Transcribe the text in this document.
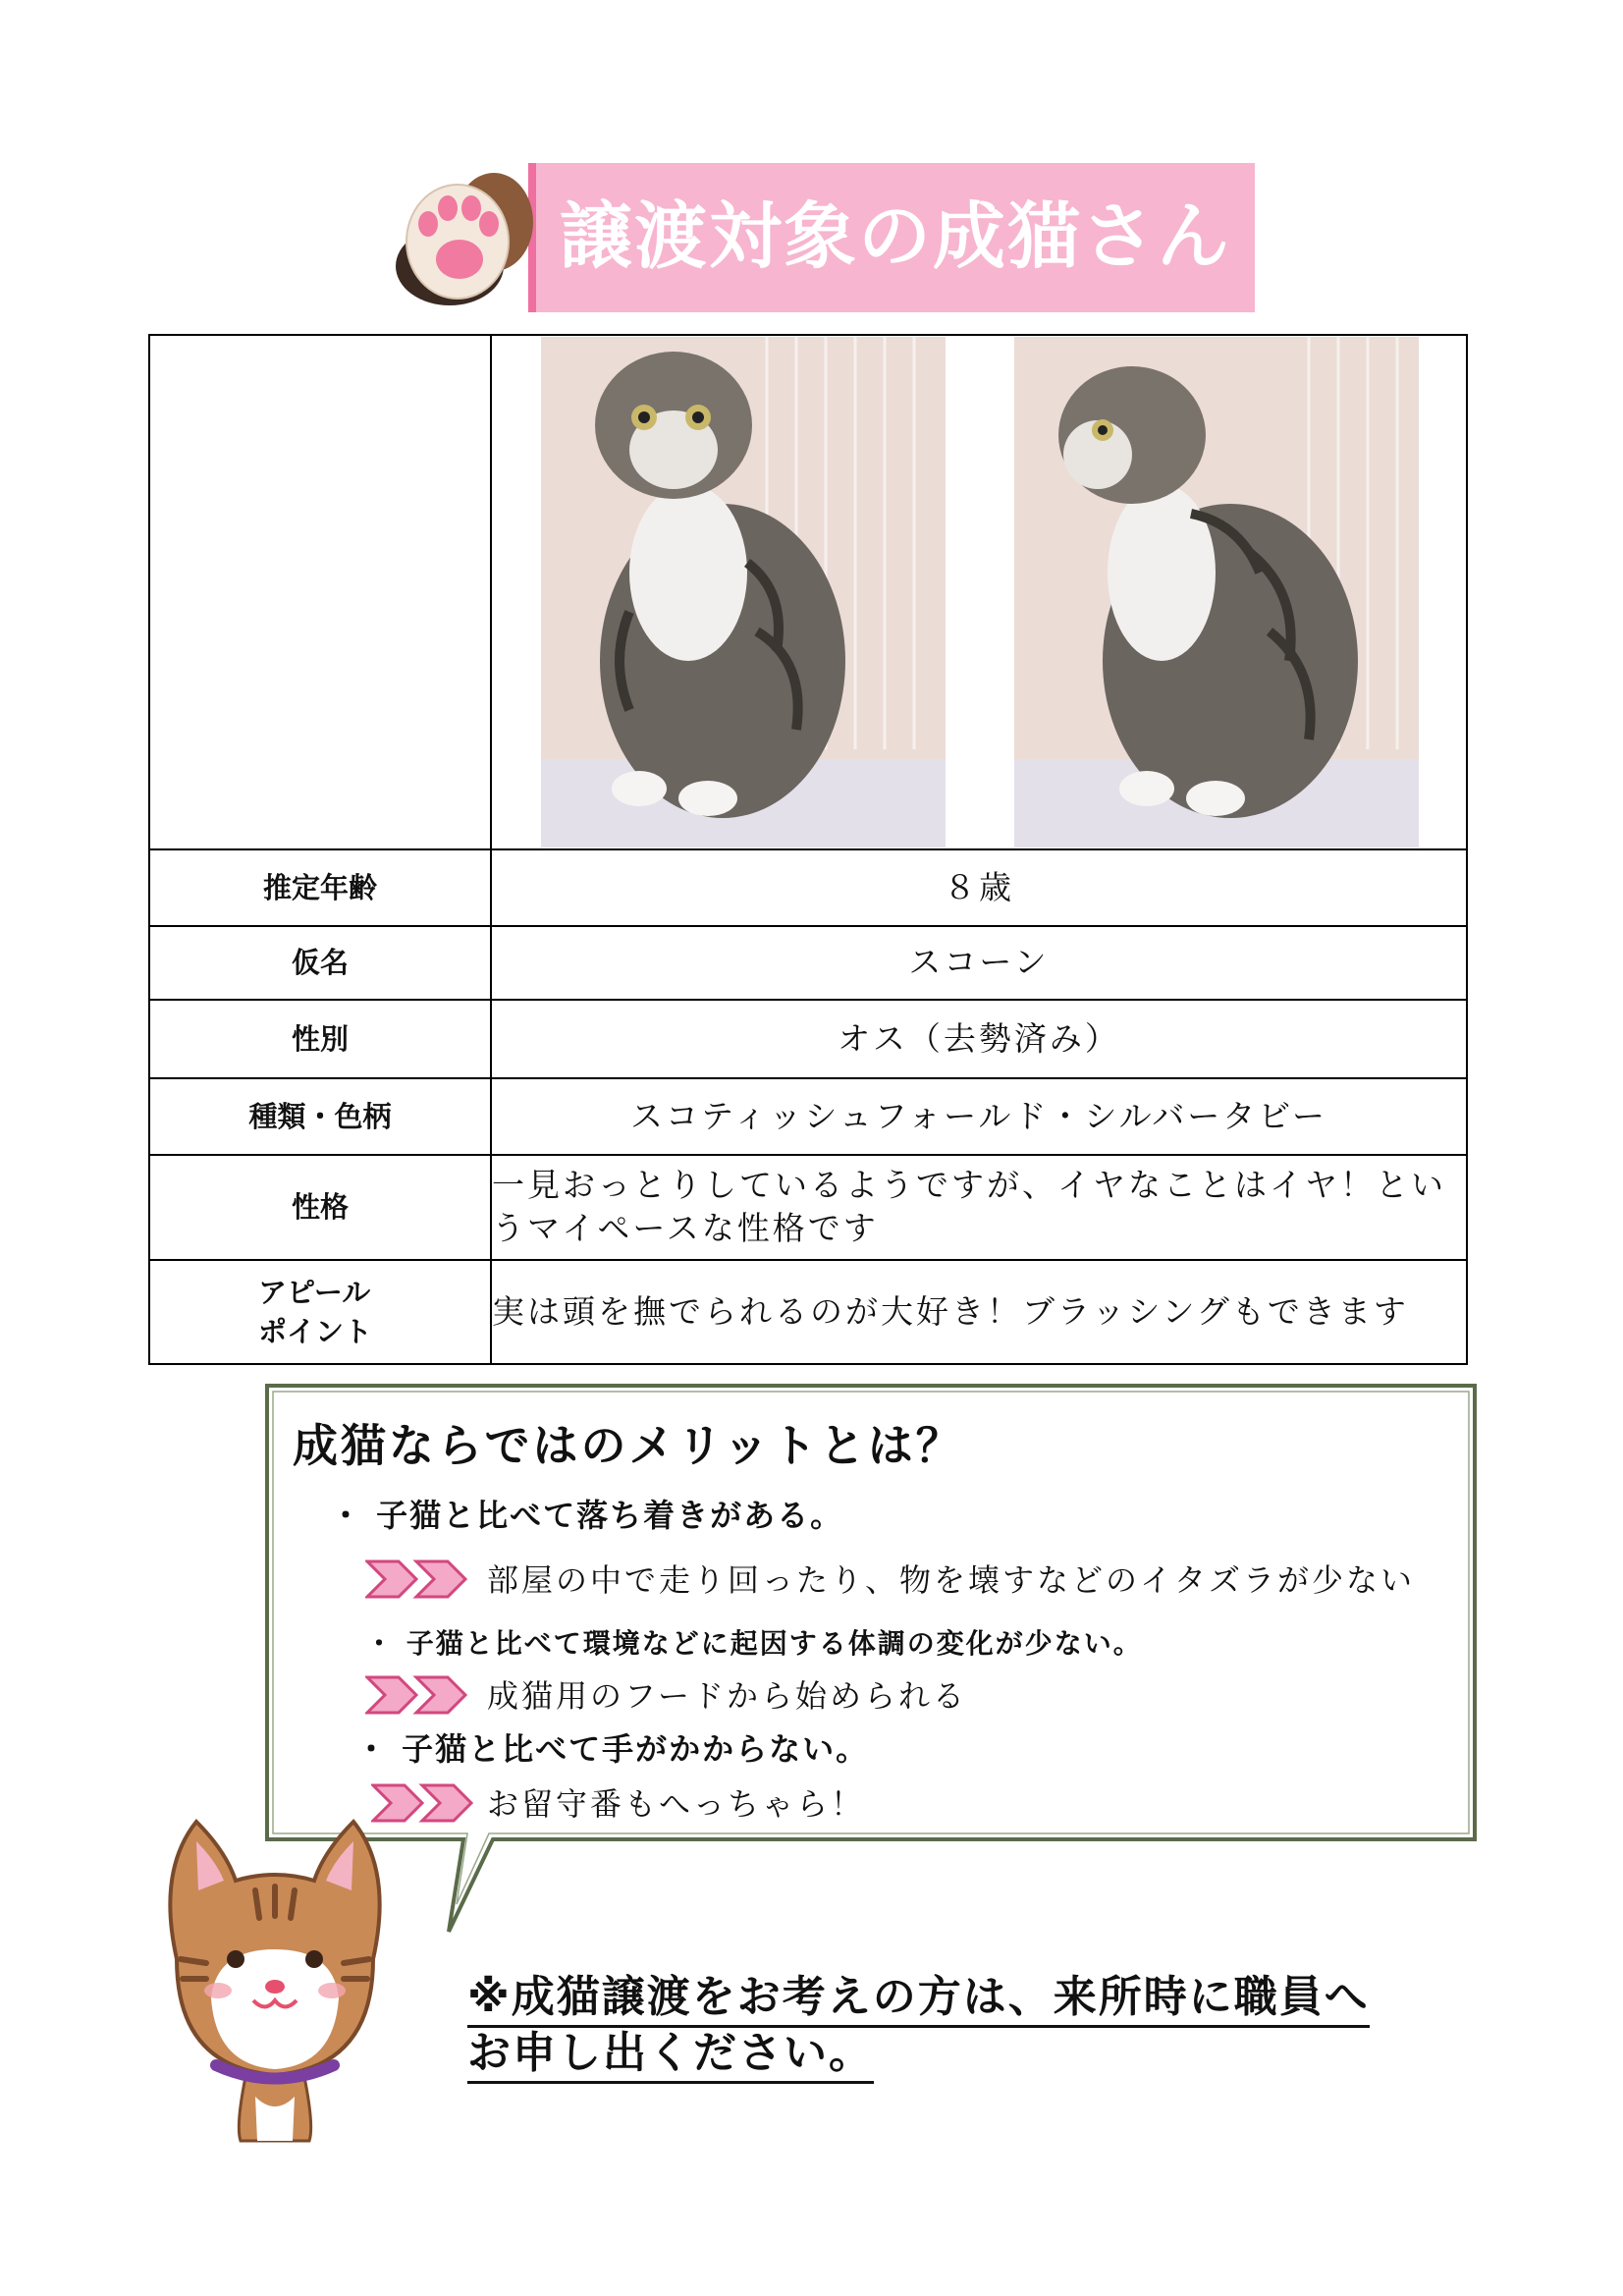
譲渡対象の成猫さん

推定年齢	８歳
仮名	スコーン
性別	オス（去勢済み）
種類・色柄	スコティッシュフォールド・シルバータビー
性格	一見おっとりしているようですが、イヤなことはイヤ！というマイペースな性格です
アピール
ポイント	実は頭を撫でられるのが大好き！ブラッシングもできます
成猫ならではのメリットとは？
・ 子猫と比べて落ち着きがある。
部屋の中で走り回ったり、物を壊すなどのイタズラが少ない
・ 子猫と比べて環境などに起因する体調の変化が少ない。
成猫用のフードから始められる
・ 子猫と比べて手がかからない。
お留守番もへっちゃら！
※成猫譲渡をお考えの方は、来所時に職員へ
お申し出ください。
